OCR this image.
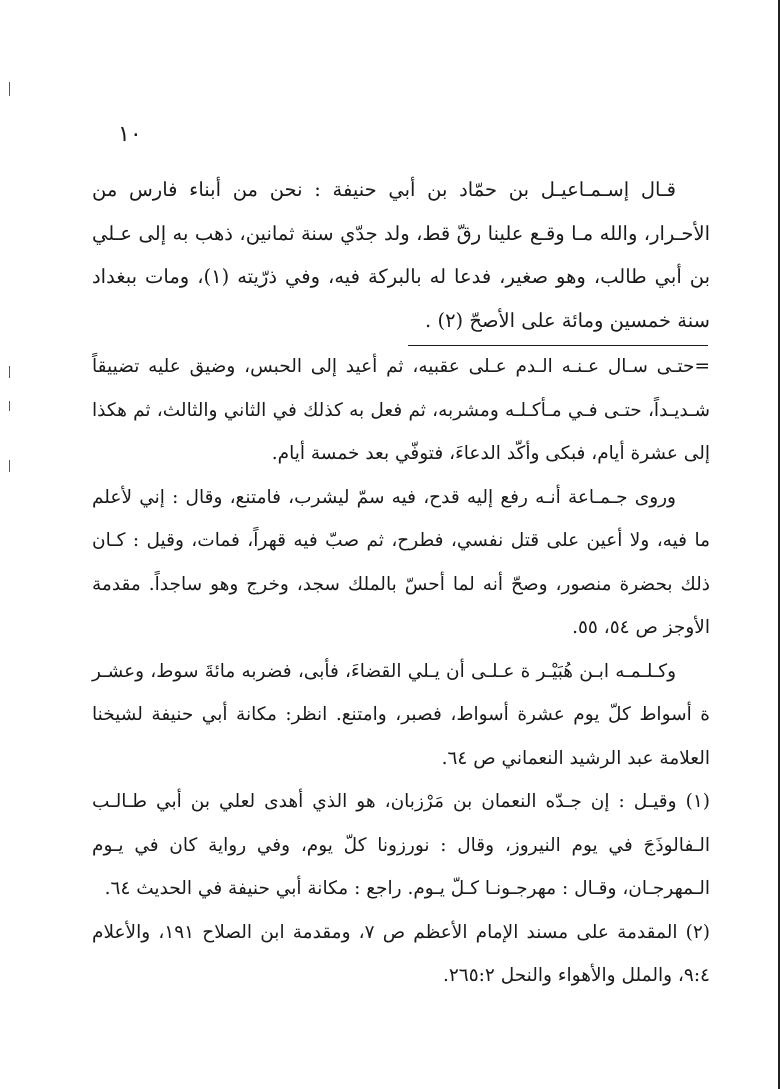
١٠

قـال إسـمـاعيـل بن حمّاد بن أبي حنيفة : نحن من أبناء فارس من الأحـرار، والله مـا وقـع علينا رقّ قط، ولد جدّي سنة ثمانين، ذهب به إلى عـلي بن أبي طالب، وهو صغير، فدعا له بالبركة فيه، وفي ذرّيته (١)، ومات ببغداد سنة خمسين ومائة على الأصحّ (٢) .

=حتـى سـال عـنـه الـدم عـلى عقبيه، ثم أعيد إلى الحبس، وضيق عليه تضييقاً شـديـداً، حتـى فـي مـأكـلـه ومشربه، ثم فعل به كذلك في الثاني والثالث، ثم هكذا إلى عشرة أيام، فبكى وأكّد الدعاءَ، فتوفّي بعد خمسة أيام.

وروى جـمـاعة أنـه رفع إليه قدح، فيه سمّ ليشرب، فامتنع، وقال : إني لأعلم ما فيه، ولا أعين على قتل نفسي، فطرح، ثم صبّ فيه قهراً، فمات، وقيل : كـان ذلك بحضرة منصور، وصحّ أنه لما أحسّ بالملك سجد، وخرج وهو ساجداً. مقدمة الأوجز ص ٥٤، ٥٥.

وكـلـمـه ابـن هُبَيْـر ة عـلـى أن يـلي القضاءَ، فأبى، فضربه مائةَ سوط، وعشـر ة أسواط كلّ يوم عشرة أسواط، فصبر، وامتنع. انظر: مكانة أبي حنيفة لشيخنا العلامة عبد الرشيد النعماني ص ٦٤.

(١) وقيـل : إن جـدّه النعمان بن مَرْزبان، هو الذي أهدى لعلي بن أبي طـالـب الـفالوذَجَ في يوم النيروز، وقال : نورزونا كلّ يوم، وفي رواية كان في يـوم الـمهرجـان، وقـال : مهرجـونـا كـلّ يـوم. راجع : مكانة أبي حنيفة في الحديث ٦٤.

(٢) المقدمة على مسند الإمام الأعظم ص ٧، ومقدمة ابن الصلاح ١٩١، والأعلام ٩:٤، والملل والأهواء والنحل ٢٦٥:٢.
